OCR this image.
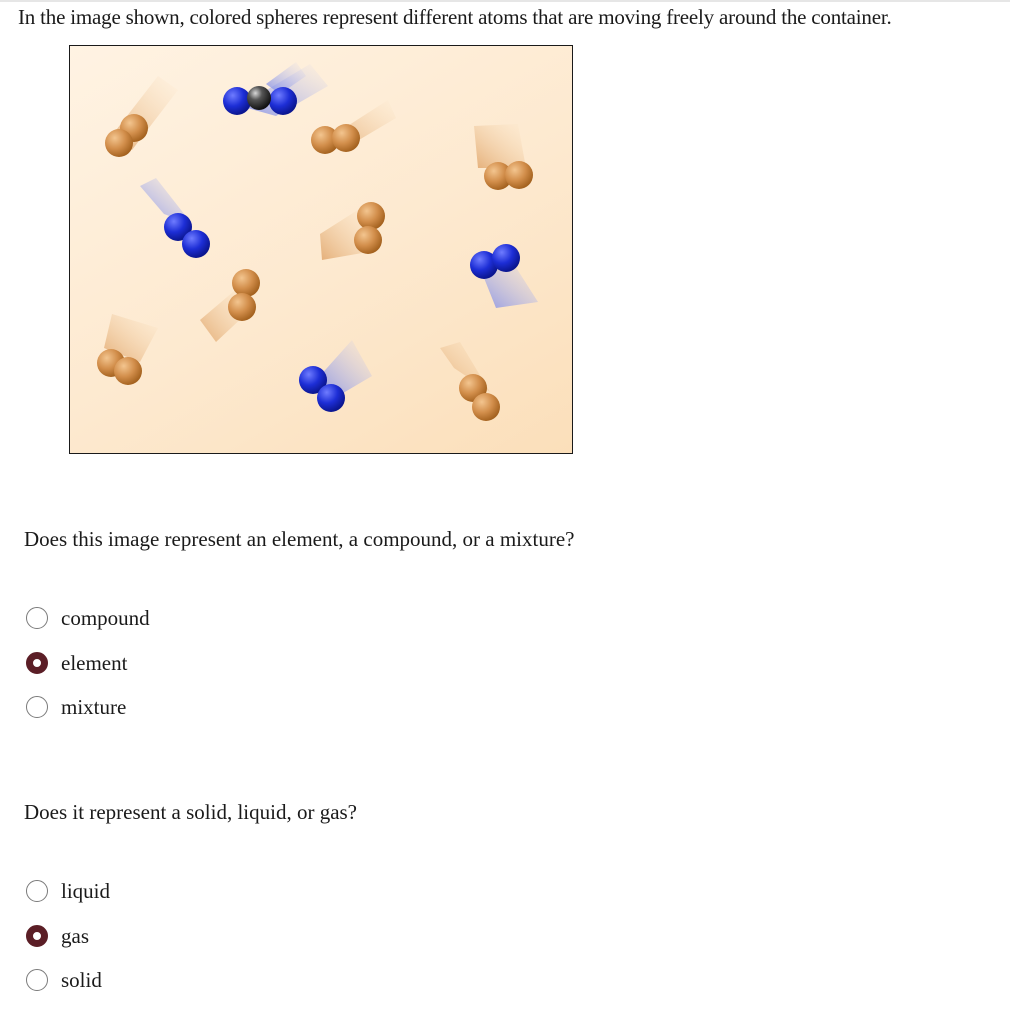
In the image shown, colored spheres represent different atoms that are moving freely around the container.
Does this image represent an element, a compound, or a mixture?
compound
element
mixture
Does it represent a solid, liquid, or gas?
liquid
gas
solid
